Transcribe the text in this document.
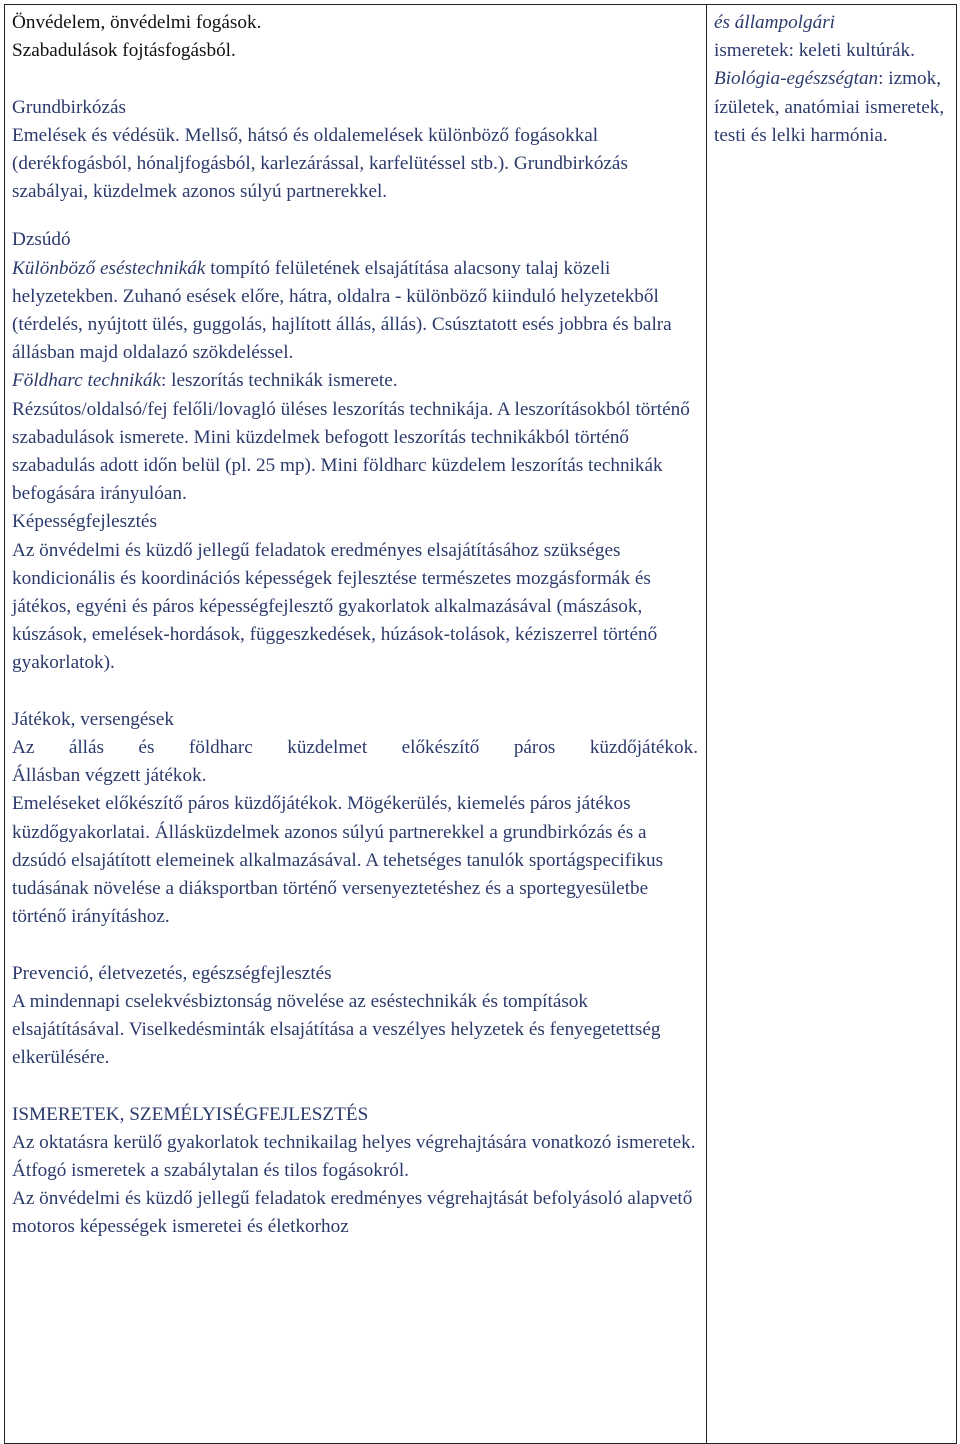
Önvédelem, önvédelmi fogások.

Szabadulások fojtásfogásból.

Grundbirkózás

Emelések és védésük. Mellső, hátsó és oldalemelések különböző fogásokkal (derékfogásból, hónaljfogásból, karlezárással, karfelütéssel stb.). Grundbirkózás szabályai, küzdelmek azonos súlyú partnerekkel.

Dzsúdó

Különböző eséstechnikák tompító felületének elsajátítása alacsony talaj közeli helyzetekben. Zuhanó esések előre, hátra, oldalra - különböző kiinduló helyzetekből (térdelés, nyújtott ülés, guggolás, hajlított állás, állás). Csúsztatott esés jobbra és balra állásban majd oldalazó szökdeléssel.

Földharc technikák: leszorítás technikák ismerete.

Rézsútos/oldalsó/fej felőli/lovagló üléses leszorítás technikája. A leszorításokból történő szabadulások ismerete. Mini küzdelmek befogott leszorítás technikákból történő szabadulás adott időn belül (pl. 25 mp). Mini földharc küzdelem leszorítás technikák befogására irányulóan.

Képességfejlesztés

Az önvédelmi és küzdő jellegű feladatok eredményes elsajátításához szükséges kondicionális és koordinációs képességek fejlesztése természetes mozgásformák és játékos, egyéni és páros képességfejlesztő gyakorlatok alkalmazásával (mászások, kúszások, emelések-hordások, függeszkedések, húzások-tolások, kéziszerrel történő gyakorlatok).

Játékok, versengések

Az állás és földharc küzdelmet előkészítő páros küzdőjátékok.

Állásban végzett játékok.

Emeléseket előkészítő páros küzdőjátékok. Mögékerülés, kiemelés páros játékos küzdőgyakorlatai. Állásküzdelmek azonos súlyú partnerekkel a grundbirkózás és a dzsúdó elsajátított elemeinek alkalmazásával. A tehetséges tanulók sportágspecifikus tudásának növelése a diáksportban történő versenyeztetéshez és a sportegyesületbe történő irányításhoz.

Prevenció, életvezetés, egészségfejlesztés

A mindennapi cselekvésbiztonság növelése az eséstechnikák és tompítások elsajátításával. Viselkedésminták elsajátítása a veszélyes helyzetek és fenyegetettség elkerülésére.

ISMERETEK, SZEMÉLYISÉGFEJLESZTÉS

Az oktatásra kerülő gyakorlatok technikailag helyes végrehajtására vonatkozó ismeretek.

Átfogó ismeretek a szabálytalan és tilos fogásokról.

Az önvédelmi és küzdő jellegű feladatok eredményes végrehajtását befolyásoló alapvető motoros képességek ismeretei és életkorhoz

és állampolgári
ismeretek: keleti kultúrák.

Biológia-egészségtan: izmok, ízületek, anatómiai ismeretek, testi és lelki harmónia.
